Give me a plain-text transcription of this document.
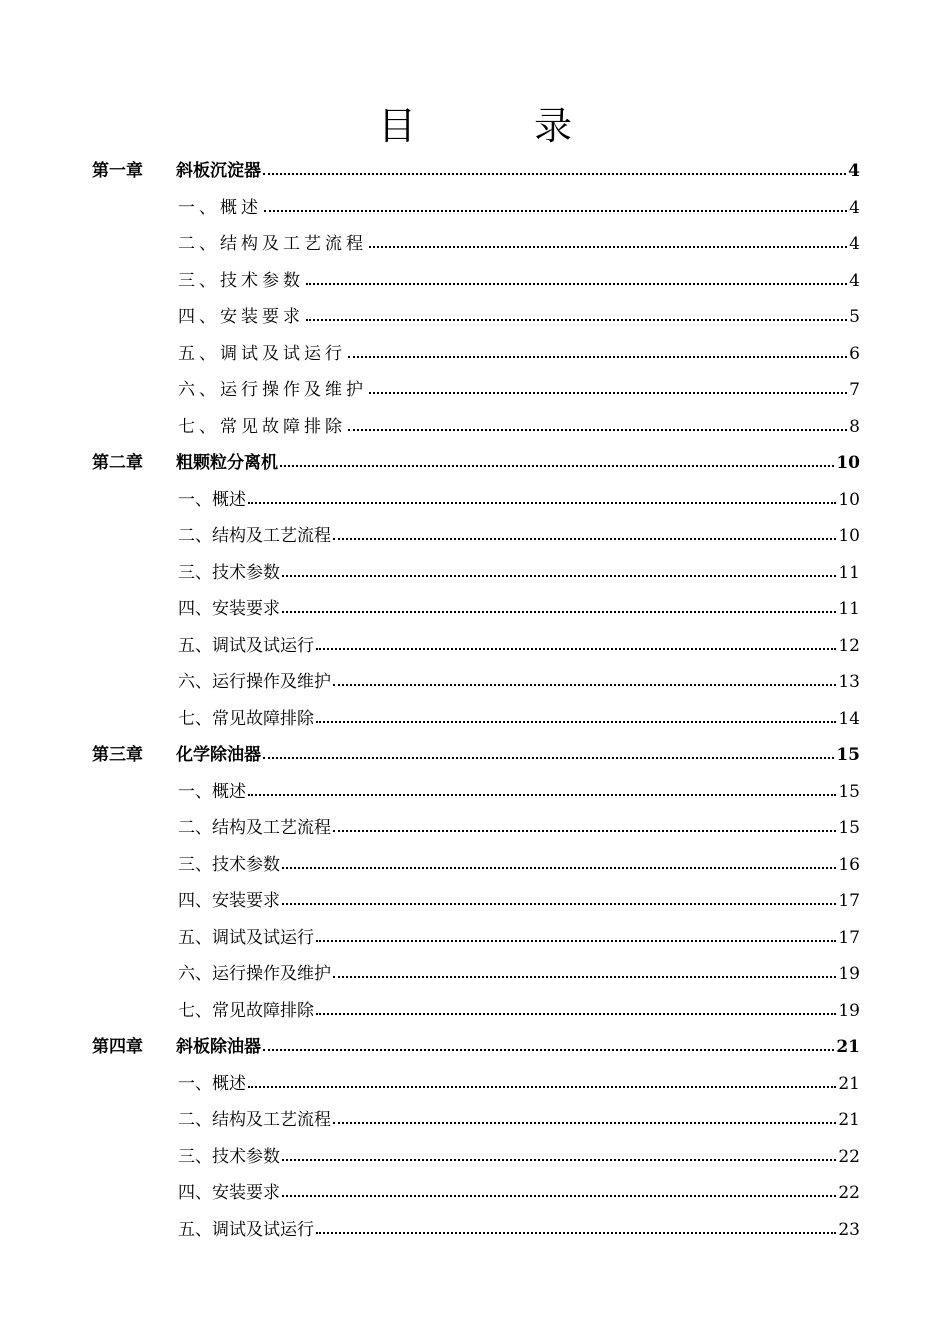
目　录
第一章	斜板沉淀器	4
一、概述	4
二、结构及工艺流程	4
三、技术参数	4
四、安装要求	5
五、调试及试运行	6
六、运行操作及维护	7
七、常见故障排除	8
第二章	粗颗粒分离机	10
一、概述	10
二、结构及工艺流程	10
三、技术参数	11
四、安装要求	11
五、调试及试运行	12
六、运行操作及维护	13
七、常见故障排除	14
第三章	化学除油器	15
一、概述	15
二、结构及工艺流程	15
三、技术参数	16
四、安装要求	17
五、调试及试运行	17
六、运行操作及维护	19
七、常见故障排除	19
第四章	斜板除油器	21
一、概述	21
二、结构及工艺流程	21
三、技术参数	22
四、安装要求	22
五、调试及试运行	23
